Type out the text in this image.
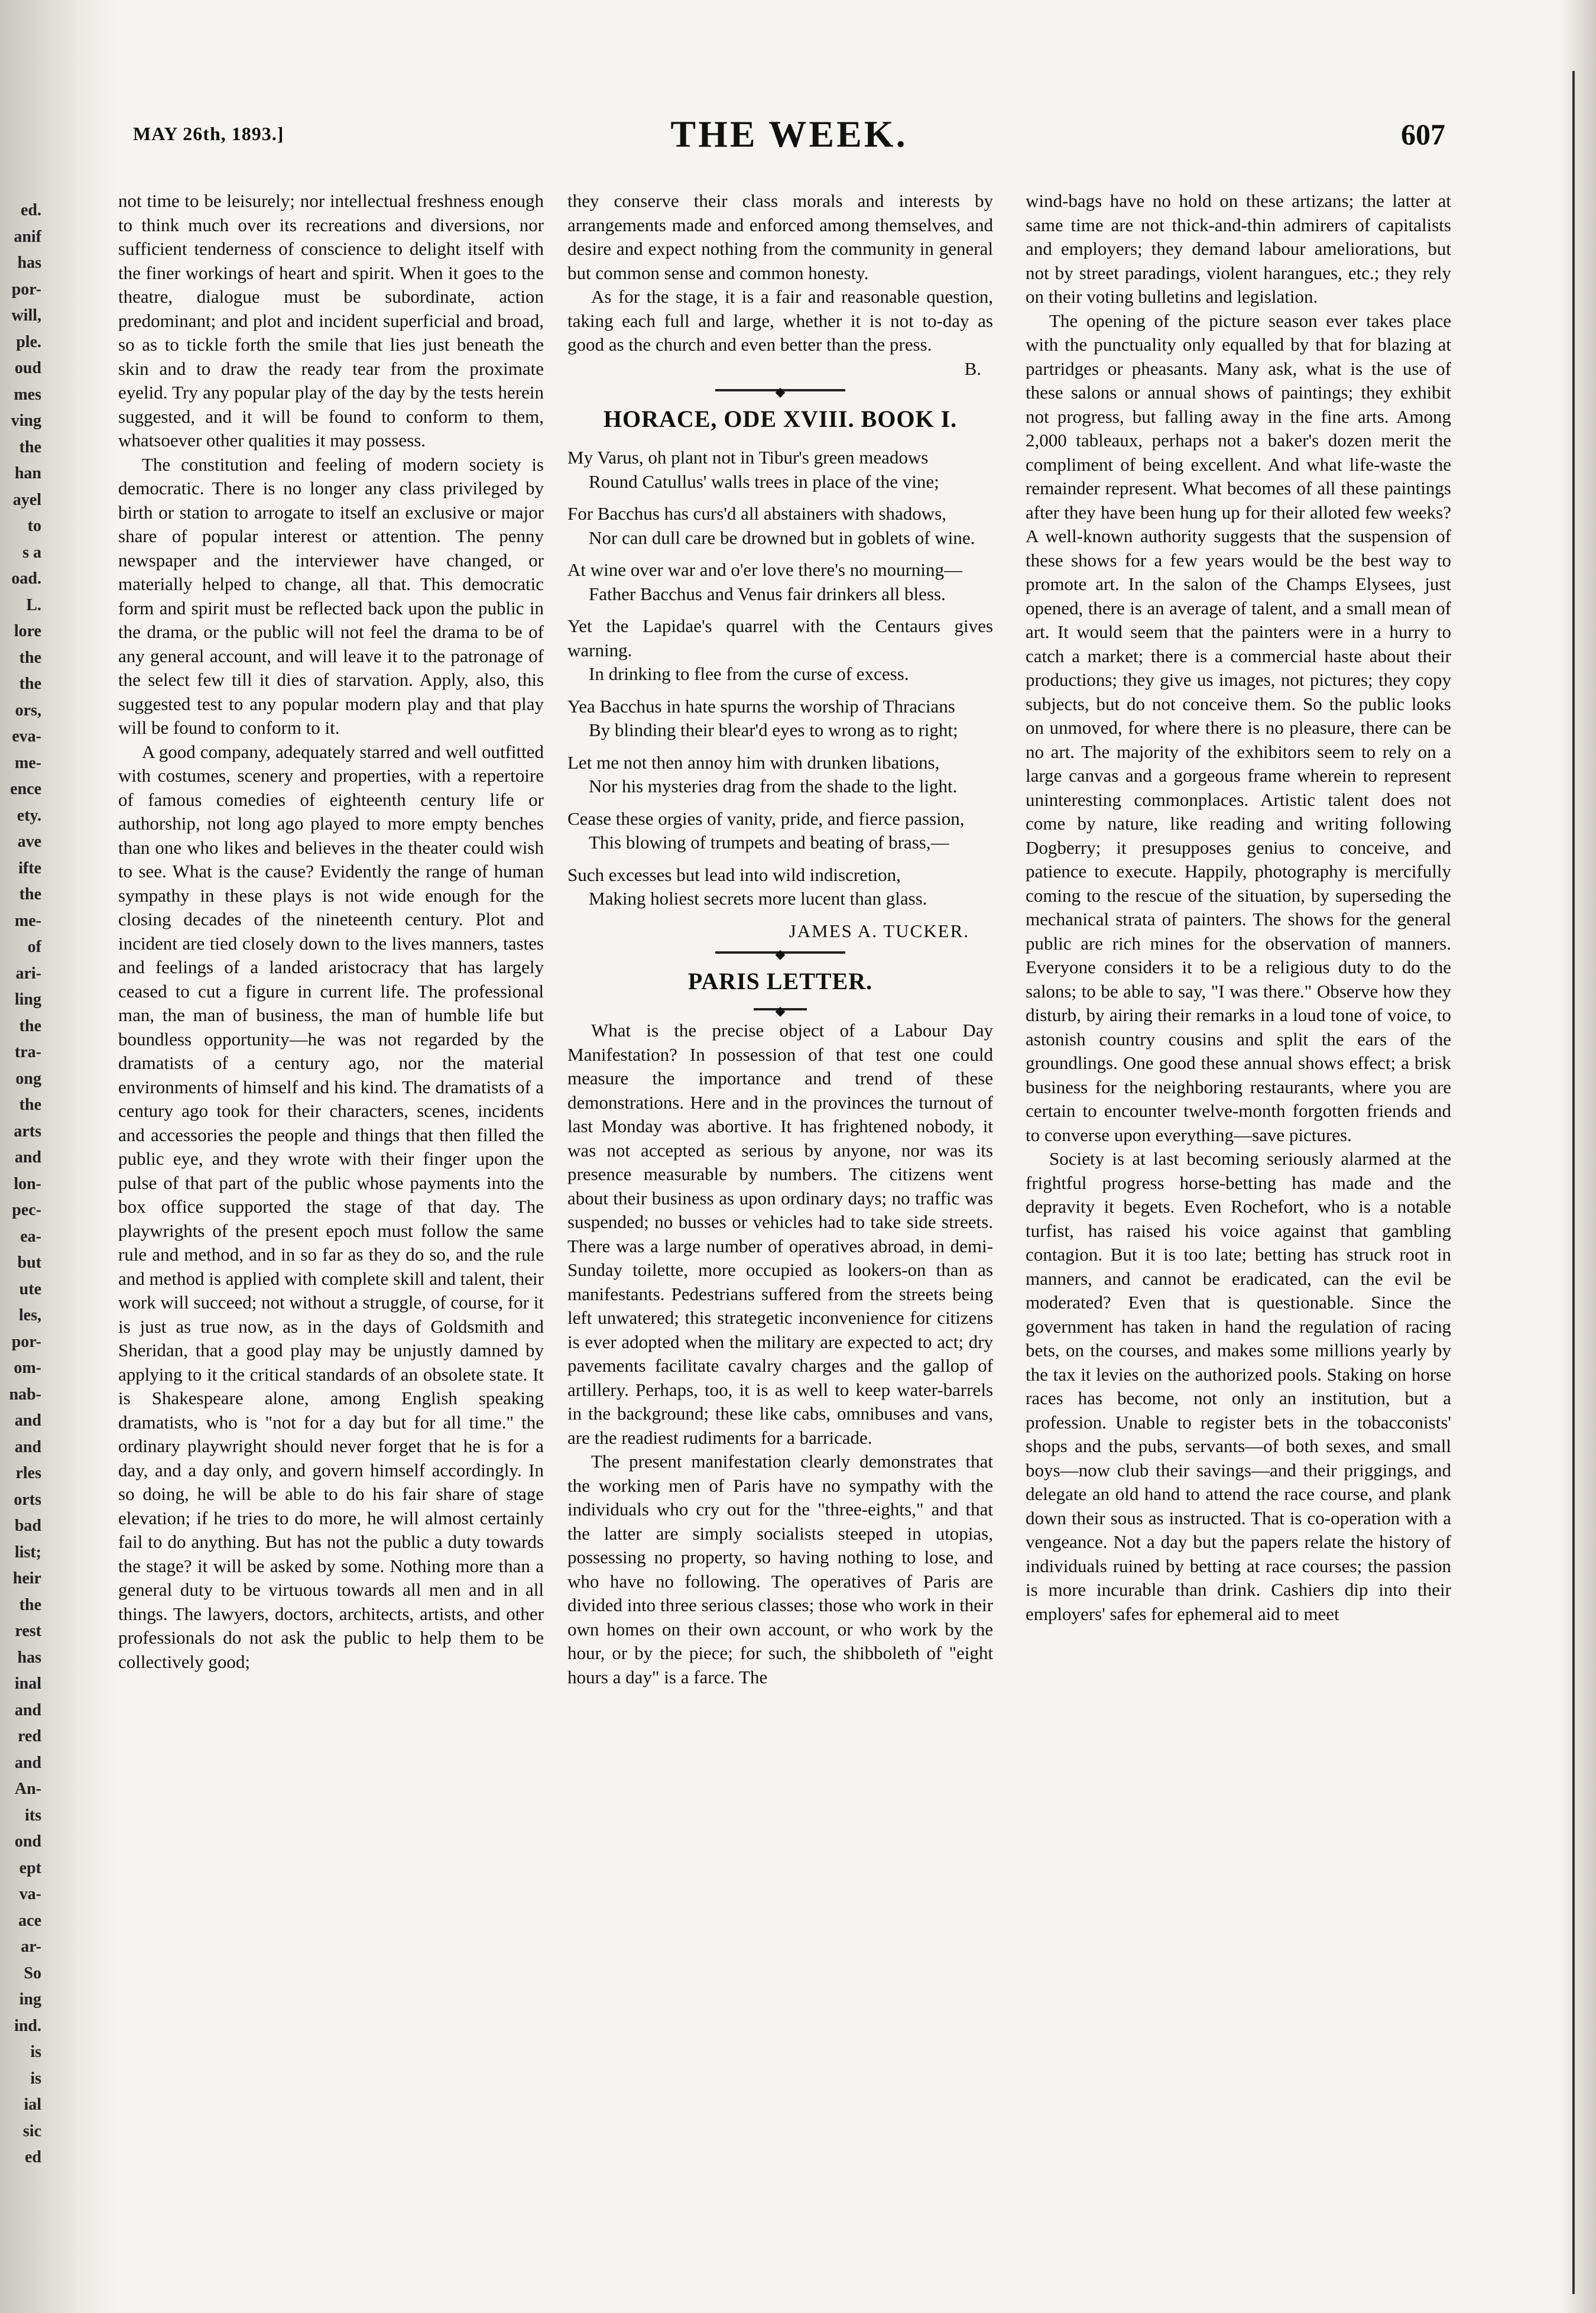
ed.
anif
has
por-
will,
ple.
oud
mes
ving
the
han
ayel
to
s a
oad.
L.
lore
the
the
ors,
eva-
me-
ence
ety.
ave
ifte
the
me-
of
ari-
ling
the
tra-
ong
the
arts
and
lon-
pec-
ea-
but
ute
les,
por-
om-
nab-
and
and
rles
orts
bad
list;
heir
the
rest
has
inal
and
red
and
An-
its
ond
ept
va-
ace
ar-
So
ing
ind.
is
is
ial
sic
ed
MAY 26th, 1893.]	THE WEEK.	607

not time to be leisurely; nor intellectual freshness enough to think much over its recreations and diversions, nor sufficient tenderness of conscience to delight itself with the finer workings of heart and spirit. When it goes to the theatre, dialogue must be subordinate, action predominant; and plot and incident superficial and broad, so as to tickle forth the smile that lies just beneath the skin and to draw the ready tear from the proximate eyelid. Try any popular play of the day by the tests herein suggested, and it will be found to conform to them, whatsoever other qualities it may possess.

The constitution and feeling of modern society is democratic. There is no longer any class privileged by birth or station to arrogate to itself an exclusive or major share of popular interest or attention. The penny newspaper and the interviewer have changed, or materially helped to change, all that. This democratic form and spirit must be reflected back upon the public in the drama, or the public will not feel the drama to be of any general account, and will leave it to the patronage of the select few till it dies of starvation. Apply, also, this suggested test to any popular modern play and that play will be found to conform to it.

A good company, adequately starred and well outfitted with costumes, scenery and properties, with a repertoire of famous comedies of eighteenth century life or authorship, not long ago played to more empty benches than one who likes and believes in the theater could wish to see. What is the cause? Evidently the range of human sympathy in these plays is not wide enough for the closing decades of the nineteenth century. Plot and incident are tied closely down to the lives manners, tastes and feelings of a landed aristocracy that has largely ceased to cut a figure in current life. The professional man, the man of business, the man of humble life but boundless opportunity—he was not regarded by the dramatists of a century ago, nor the material environments of himself and his kind. The dramatists of a century ago took for their characters, scenes, incidents and accessories the people and things that then filled the public eye, and they wrote with their finger upon the pulse of that part of the public whose payments into the box office supported the stage of that day. The playwrights of the present epoch must follow the same rule and method, and in so far as they do so, and the rule and method is applied with complete skill and talent, their work will succeed; not without a struggle, of course, for it is just as true now, as in the days of Goldsmith and Sheridan, that a good play may be unjustly damned by applying to it the critical standards of an obsolete state. It is Shakespeare alone, among English speaking dramatists, who is "not for a day but for all time." the ordinary playwright should never forget that he is for a day, and a day only, and govern himself accordingly. In so doing, he will be able to do his fair share of stage elevation; if he tries to do more, he will almost certainly fail to do anything. But has not the public a duty towards the stage? it will be asked by some. Nothing more than a general duty to be virtuous towards all men and in all things. The lawyers, doctors, architects, artists, and other professionals do not ask the public to help them to be collectively good;

they conserve their class morals and interests by arrangements made and enforced among themselves, and desire and expect nothing from the community in general but common sense and common honesty.

As for the stage, it is a fair and reasonable question, taking each full and large, whether it is not to-day as good as the church and even better than the press.

B.

◆
HORACE, ODE XVIII. BOOK I.
My Varus, oh plant not in Tibur's green meadows
Round Catullus' walls trees in place of the vine;
For Bacchus has curs'd all abstainers with shadows,
Nor can dull care be drowned but in goblets of wine.
At wine over war and o'er love there's no mourning—
Father Bacchus and Venus fair drinkers all bless.
Yet the Lapidae's quarrel with the Centaurs gives warning.
In drinking to flee from the curse of excess.
Yea Bacchus in hate spurns the worship of Thracians
By blinding their blear'd eyes to wrong as to right;
Let me not then annoy him with drunken libations,
Nor his mysteries drag from the shade to the light.
Cease these orgies of vanity, pride, and fierce passion,
This blowing of trumpets and beating of brass,—
Such excesses but lead into wild indiscretion,
Making holiest secrets more lucent than glass.
JAMES A. TUCKER.
◆
PARIS LETTER.
◆

What is the precise object of a Labour Day Manifestation? In possession of that test one could measure the importance and trend of these demonstrations. Here and in the provinces the turnout of last Monday was abortive. It has frightened nobody, it was not accepted as serious by anyone, nor was its presence measurable by numbers. The citizens went about their business as upon ordinary days; no traffic was suspended; no busses or vehicles had to take side streets. There was a large number of operatives abroad, in demi-Sunday toilette, more occupied as lookers-on than as manifestants. Pedestrians suffered from the streets being left unwatered; this strategetic inconvenience for citizens is ever adopted when the military are expected to act; dry pavements facilitate cavalry charges and the gallop of artillery. Perhaps, too, it is as well to keep water-barrels in the background; these like cabs, omnibuses and vans, are the readiest rudiments for a barricade.

The present manifestation clearly demonstrates that the working men of Paris have no sympathy with the individuals who cry out for the "three-eights," and that the latter are simply socialists steeped in utopias, possessing no property, so having nothing to lose, and who have no following. The operatives of Paris are divided into three serious classes; those who work in their own homes on their own account, or who work by the hour, or by the piece; for such, the shibboleth of "eight hours a day" is a farce. The

wind-bags have no hold on these artizans; the latter at same time are not thick-and-thin admirers of capitalists and employers; they demand labour ameliorations, but not by street paradings, violent harangues, etc.; they rely on their voting bulletins and legislation.

The opening of the picture season ever takes place with the punctuality only equalled by that for blazing at partridges or pheasants. Many ask, what is the use of these salons or annual shows of paintings; they exhibit not progress, but falling away in the fine arts. Among 2,000 tableaux, perhaps not a baker's dozen merit the compliment of being excellent. And what life-waste the remainder represent. What becomes of all these paintings after they have been hung up for their alloted few weeks? A well-known authority suggests that the suspension of these shows for a few years would be the best way to promote art. In the salon of the Champs Elysees, just opened, there is an average of talent, and a small mean of art. It would seem that the painters were in a hurry to catch a market; there is a commercial haste about their productions; they give us images, not pictures; they copy subjects, but do not conceive them. So the public looks on unmoved, for where there is no pleasure, there can be no art. The majority of the exhibitors seem to rely on a large canvas and a gorgeous frame wherein to represent uninteresting commonplaces. Artistic talent does not come by nature, like reading and writing following Dogberry; it presupposes genius to conceive, and patience to execute. Happily, photography is mercifully coming to the rescue of the situation, by superseding the mechanical strata of painters. The shows for the general public are rich mines for the observation of manners. Everyone considers it to be a religious duty to do the salons; to be able to say, "I was there." Observe how they disturb, by airing their remarks in a loud tone of voice, to astonish country cousins and split the ears of the groundlings. One good these annual shows effect; a brisk business for the neighboring restaurants, where you are certain to encounter twelve-month forgotten friends and to converse upon everything—save pictures.

Society is at last becoming seriously alarmed at the frightful progress horse-betting has made and the depravity it begets. Even Rochefort, who is a notable turfist, has raised his voice against that gambling contagion. But it is too late; betting has struck root in manners, and cannot be eradicated, can the evil be moderated? Even that is questionable. Since the government has taken in hand the regulation of racing bets, on the courses, and makes some millions yearly by the tax it levies on the authorized pools. Staking on horse races has become, not only an institution, but a profession. Unable to register bets in the tobacconists' shops and the pubs, servants—of both sexes, and small boys—now club their savings—and their priggings, and delegate an old hand to attend the race course, and plank down their sous as instructed. That is co-operation with a vengeance. Not a day but the papers relate the history of individuals ruined by betting at race courses; the passion is more incurable than drink. Cashiers dip into their employers' safes for ephemeral aid to meet
